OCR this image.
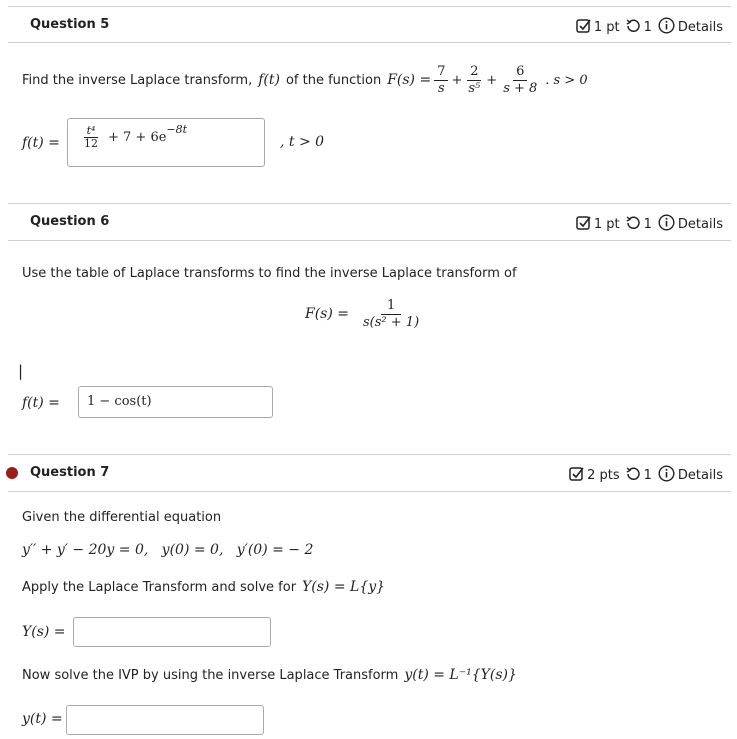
Question 5	1 pt 1 Details
Find the inverse Laplace transform, f(t) of the function $F(s) = \frac{7}{s} + \frac{2}{\text{s⁵}} + \frac{6}{s + 8}$ . s > 0
$f(t) = \frac{\text{t⁴}}{12} + 7 + 6e$
−8t
, t > 0
Question 6	1 pt 1 Details
Use the table of Laplace transforms to find the inverse Laplace transform of
$F(s) = \frac{1}{\text{s(s² + 1)}}$
|
f(t) = 1 − cos(t)
Question 7	2 pts 1 Details
Given the differential equation
y′′ + y′ − 20y = 0,   y(0) = 0,   y′(0) = − 2
Apply the Laplace Transform and solve for Y(s) = L{y}
Y(s) =
Now solve the IVP by using the inverse Laplace Transform y(t) = L⁻¹{Y(s)}
y(t) =
